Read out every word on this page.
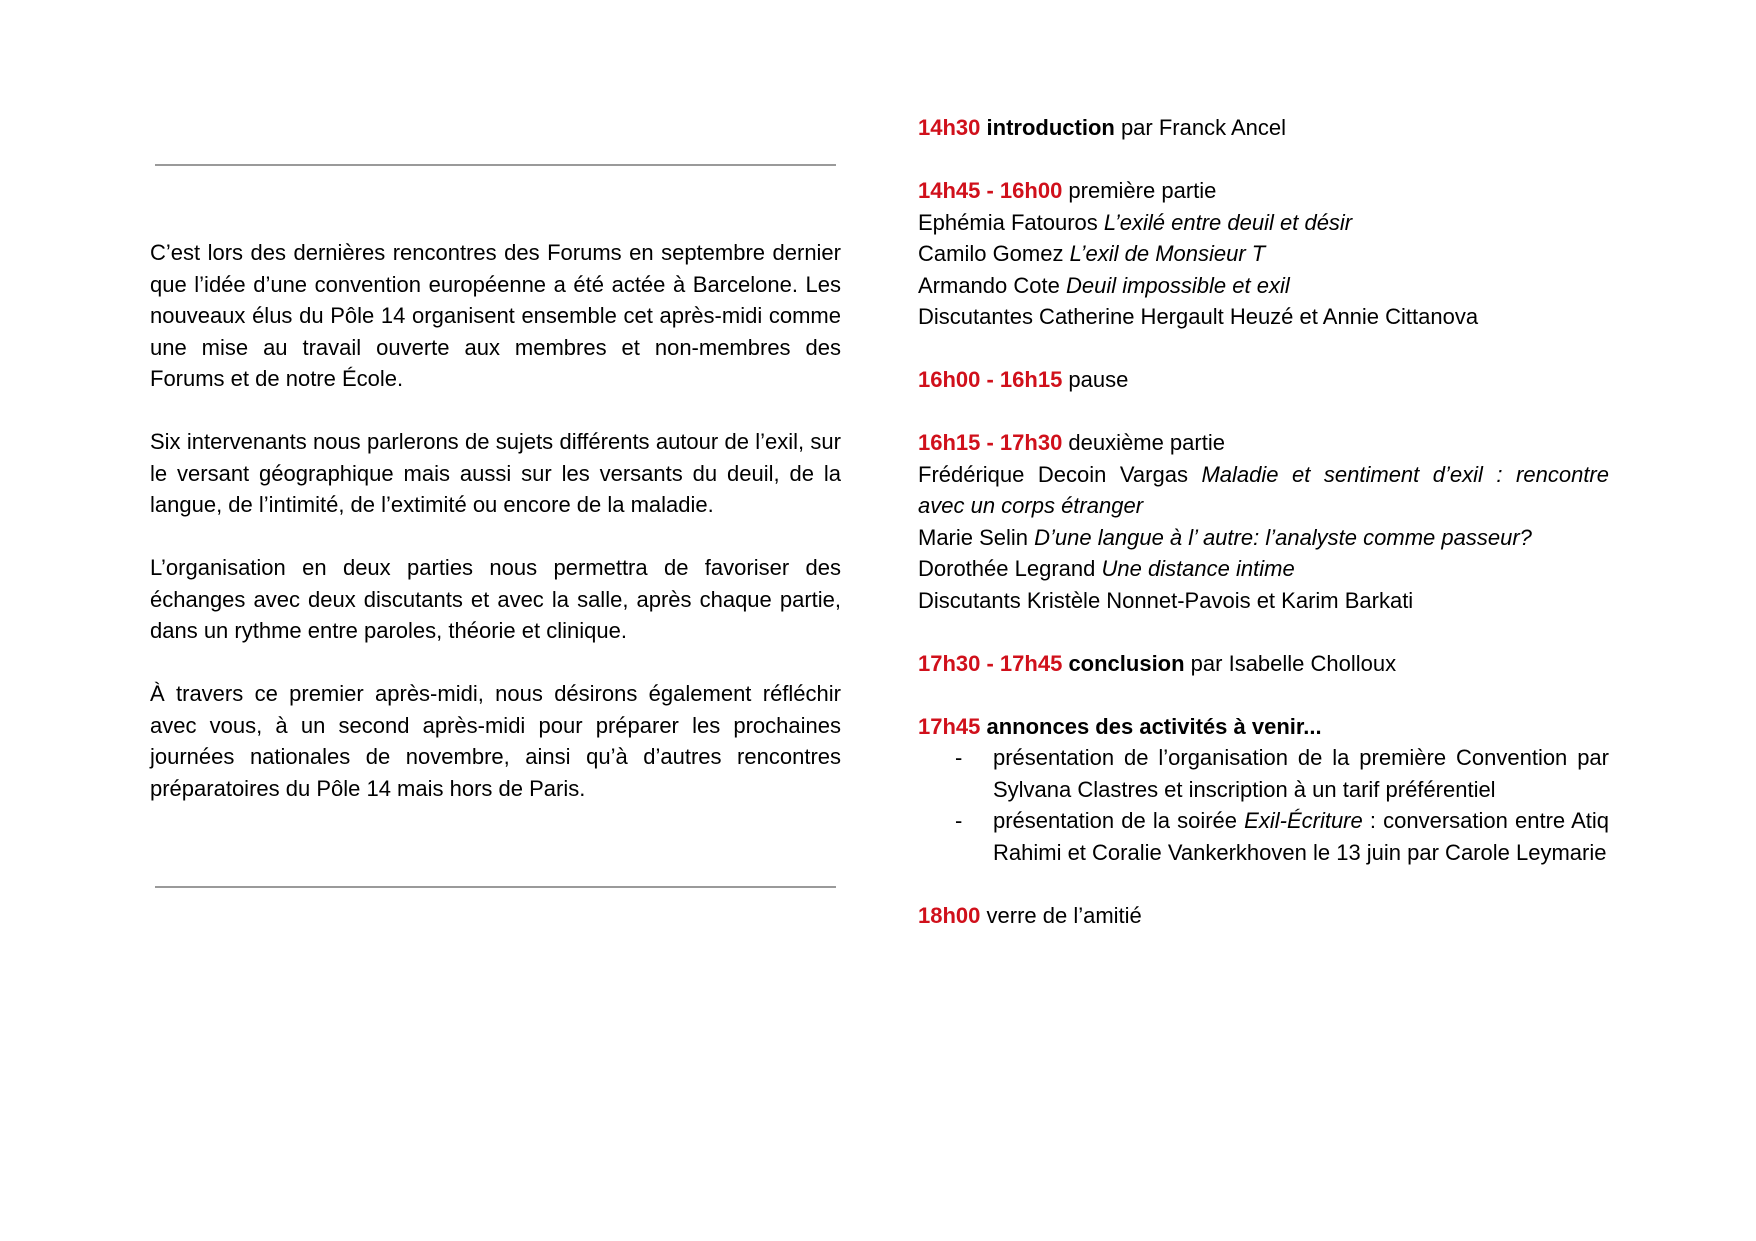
C’est lors des dernières rencontres des Forums en septembre dernier que l’idée d’une convention européenne a été actée à Barcelone. Les nouveaux élus du Pôle 14 organisent ensemble cet après-midi comme une mise au travail ouverte aux membres et non-membres des Forums et de notre École.

Six intervenants nous parlerons de sujets différents autour de l’exil, sur le versant géographique mais aussi sur les versants du deuil, de la langue, de l’intimité, de l’extimité ou encore de la maladie.

L’organisation en deux parties nous permettra de favoriser des échanges avec deux discutants et avec la salle, après chaque partie, dans un rythme entre paroles, théorie et clinique.

À travers ce premier après-midi, nous désirons également réfléchir avec vous, à un second après-midi pour préparer les prochaines journées nationales de novembre, ainsi qu’à d’autres rencontres préparatoires du Pôle 14 mais hors de Paris.

14h30 introduction par Franck Ancel
14h45 - 16h00 première partie
Ephémia Fatouros L’exilé entre deuil et désir
Camilo Gomez L’exil de Monsieur T
Armando Cote Deuil impossible et exil
Discutantes Catherine Hergault Heuzé et Annie Cittanova
16h00 - 16h15 pause
16h15 - 17h30 deuxième partie
Frédérique Decoin Vargas Maladie et sentiment d’exil : rencontre
avec un corps étranger
Marie Selin D’une langue à l’ autre: l’analyste comme passeur?
Dorothée Legrand Une distance intime
Discutants Kristèle Nonnet-Pavois et Karim Barkati
17h30 - 17h45 conclusion par Isabelle Cholloux
17h45 annonces des activités à venir...
- présentation de l’organisation de la première Convention par Sylvana Clastres et inscription à un tarif préférentiel
- présentation de la soirée Exil-Écriture : conversation entre Atiq Rahimi et Coralie Vankerkhoven le 13 juin par Carole Leymarie
18h00 verre de l’amitié
